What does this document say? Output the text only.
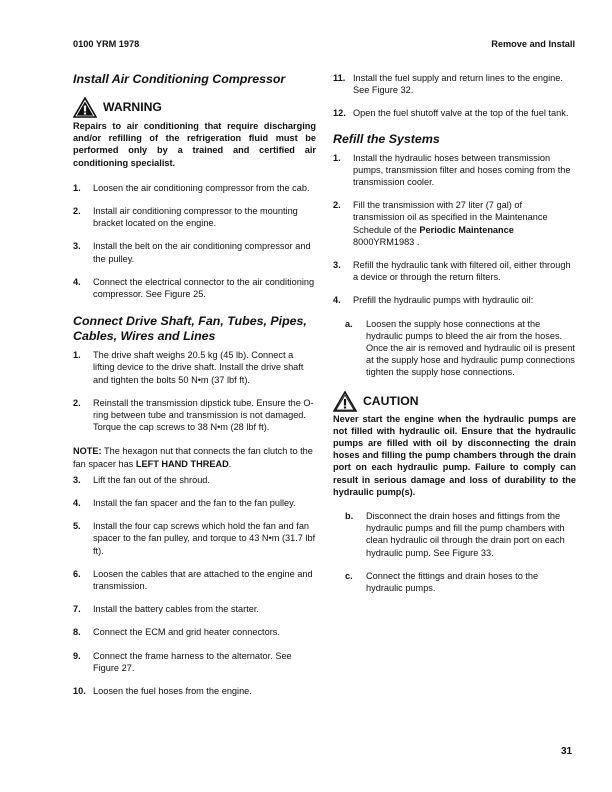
0100 YRM 1978	Remove and Install
Install Air Conditioning Compressor
WARNING

Repairs to air conditioning that require discharging and/or refilling of the refrigeration fluid must be performed only by a trained and certified air conditioning specialist.

1.	Loosen the air conditioning compressor from the cab.
2.	Install air conditioning compressor to the mounting bracket located on the engine.
3.	Install the belt on the air conditioning compressor and the pulley.
4.	Connect the electrical connector to the air conditioning compressor. See Figure 25.
Connect Drive Shaft, Fan, Tubes, Pipes, Cables, Wires and Lines
1.	The drive shaft weighs 20.5 kg (45 lb). Connect a lifting device to the drive shaft. Install the drive shaft and tighten the bolts 50 N•m (37 lbf ft).
2.	Reinstall the transmission dipstick tube. Ensure the O-ring between tube and transmission is not damaged. Torque the cap screws to 38 N•m (28 lbf ft).

NOTE: The hexagon nut that connects the fan clutch to the fan spacer has LEFT HAND THREAD.

3.	Lift the fan out of the shroud.
4.	Install the fan spacer and the fan to the fan pulley.
5.	Install the four cap screws which hold the fan and fan spacer to the fan pulley, and torque to 43 N•m (31.7 lbf ft).
6.	Loosen the cables that are attached to the engine and transmission.
7.	Install the battery cables from the starter.
8.	Connect the ECM and grid heater connectors.
9.	Connect the frame harness to the alternator. See Figure 27.
10. Loosen the fuel hoses from the engine.
11. Install the fuel supply and return lines to the engine. See Figure 32.
12. Open the fuel shutoff valve at the top of the fuel tank.
Refill the Systems
1.	Install the hydraulic hoses between transmission pumps, transmission filter and hoses coming from the transmission cooler.
2.	Fill the transmission with 27 liter (7 gal) of transmission oil as specified in the Maintenance Schedule of the Periodic Maintenance
8000YRM1983 .
3.	Refill the hydraulic tank with filtered oil, either through a device or through the return filters.
4.	Prefill the hydraulic pumps with hydraulic oil:
a.	Loosen the supply hose connections at the hydraulic pumps to bleed the air from the hoses. Once the air is removed and hydraulic oil is present at the supply hose and hydraulic pump connections tighten the supply hose connections.
CAUTION

Never start the engine when the hydraulic pumps are not filled with hydraulic oil. Ensure that the hydraulic pumps are filled with oil by disconnecting the drain hoses and filling the pump chambers through the drain port on each hydraulic pump. Failure to comply can result in serious damage and loss of durability to the hydraulic pump(s).

b.	Disconnect the drain hoses and fittings from the hydraulic pumps and fill the pump chambers with clean hydraulic oil through the drain port on each hydraulic pump. See Figure 33.
c.	Connect the fittings and drain hoses to the hydraulic pumps.
31
